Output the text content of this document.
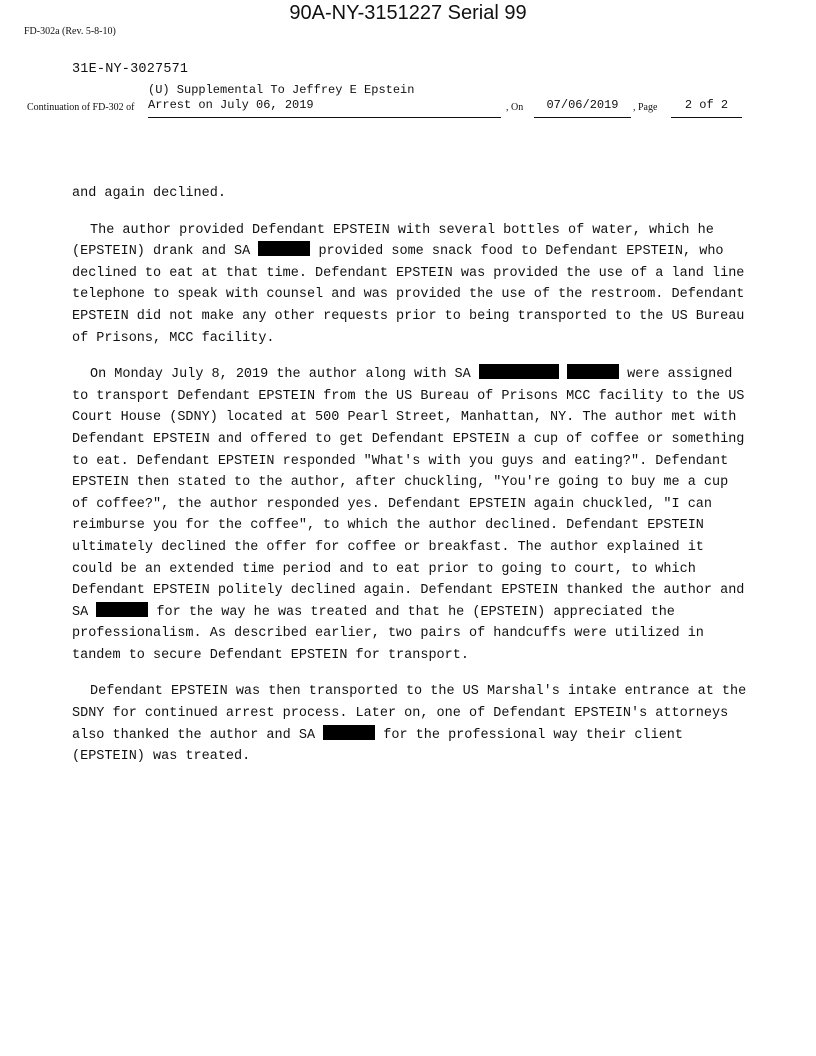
90A-NY-3151227 Serial 99
FD-302a (Rev. 5-8-10)
31E-NY-3027571
(U) Supplemental To Jeffrey E Epstein
Continuation of FD-302 of Arrest on July 06, 2019	, On	07/06/2019	, Page	2 of 2

and again declined.

The author provided Defendant EPSTEIN with several bottles of water, which he (EPSTEIN) drank and SA	provided some snack food to Defendant EPSTEIN, who declined to eat at that time. Defendant EPSTEIN was provided the use of a land line telephone to speak with counsel and was provided the use of the restroom. Defendant EPSTEIN did not make any other requests prior to being transported to the US Bureau of Prisons, MCC facility.

On Monday July 8, 2019 the author along with SA	were assigned to transport Defendant EPSTEIN from the US Bureau of Prisons MCC facility to the US Court House (SDNY) located at 500 Pearl Street, Manhattan, NY. The author met with Defendant EPSTEIN and offered to get Defendant EPSTEIN a cup of coffee or something to eat. Defendant EPSTEIN responded "What's with you guys and eating?". Defendant EPSTEIN then stated to the author, after chuckling, "You're going to buy me a cup of coffee?", the author responded yes. Defendant EPSTEIN again chuckled, "I can reimburse you for the coffee", to which the author declined. Defendant EPSTEIN ultimately declined the offer for coffee or breakfast. The author explained it could be an extended time period and to eat prior to going to court, to which Defendant EPSTEIN politely declined again. Defendant EPSTEIN thanked the author and SA	for the way he was treated and that he (EPSTEIN) appreciated the professionalism. As described earlier, two pairs of handcuffs were utilized in tandem to secure Defendant EPSTEIN for transport.

Defendant EPSTEIN was then transported to the US Marshal's intake entrance at the SDNY for continued arrest process. Later on, one of Defendant EPSTEIN's attorneys also thanked the author and SA	for the professional way their client (EPSTEIN) was treated.
